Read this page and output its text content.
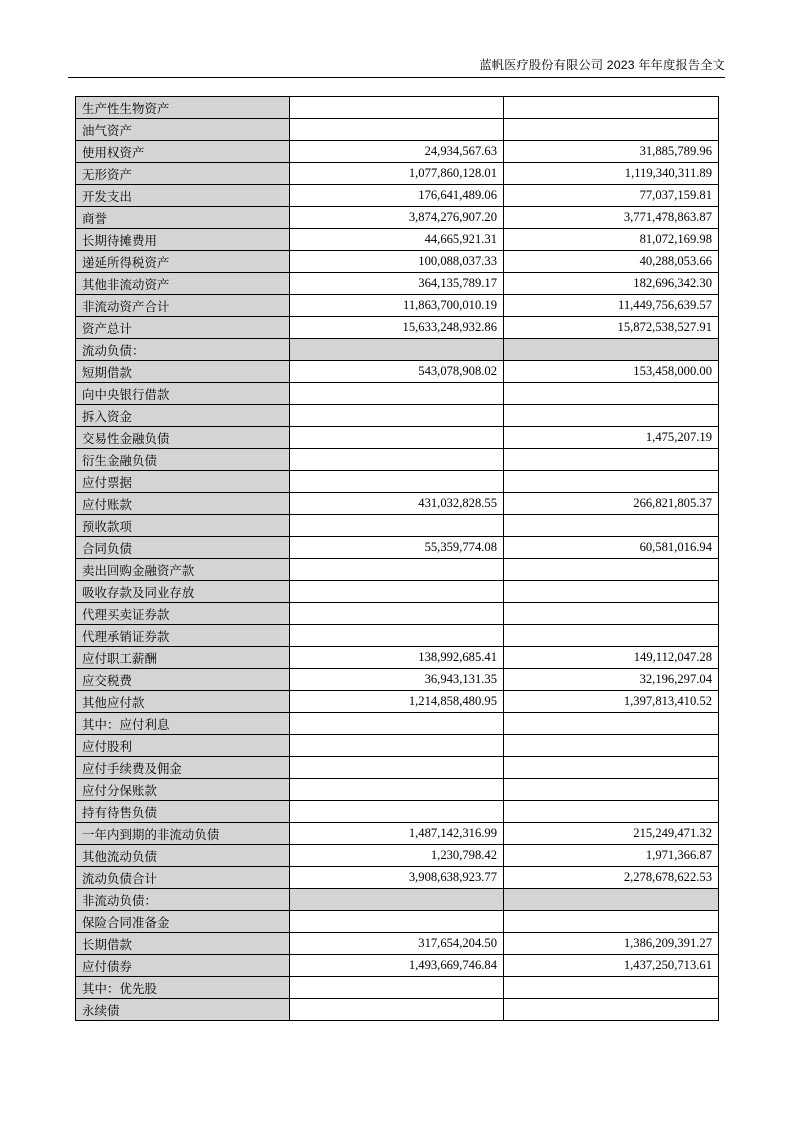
蓝帆医疗股份有限公司 2023 年年度报告全文
生产性生物资产		
油气资产		
使用权资产	24,934,567.63	31,885,789.96
无形资产	1,077,860,128.01	1,119,340,311.89
开发支出	176,641,489.06	77,037,159.81
商誉	3,874,276,907.20	3,771,478,863.87
长期待摊费用	44,665,921.31	81,072,169.98
递延所得税资产	100,088,037.33	40,288,053.66
其他非流动资产	364,135,789.17	182,696,342.30
非流动资产合计	11,863,700,010.19	11,449,756,639.57
资产总计	15,633,248,932.86	15,872,538,527.91
流动负债：		
短期借款	543,078,908.02	153,458,000.00
向中央银行借款		
拆入资金		
交易性金融负债		1,475,207.19
衍生金融负债		
应付票据		
应付账款	431,032,828.55	266,821,805.37
预收款项		
合同负债	55,359,774.08	60,581,016.94
卖出回购金融资产款		
吸收存款及同业存放		
代理买卖证券款		
代理承销证券款		
应付职工薪酬	138,992,685.41	149,112,047.28
应交税费	36,943,131.35	32,196,297.04
其他应付款	1,214,858,480.95	1,397,813,410.52
其中：应付利息		
应付股利		
应付手续费及佣金		
应付分保账款		
持有待售负债		
一年内到期的非流动负债	1,487,142,316.99	215,249,471.32
其他流动负债	1,230,798.42	1,971,366.87
流动负债合计	3,908,638,923.77	2,278,678,622.53
非流动负债：		
保险合同准备金		
长期借款	317,654,204.50	1,386,209,391.27
应付债券	1,493,669,746.84	1,437,250,713.61
其中：优先股		
永续债		
